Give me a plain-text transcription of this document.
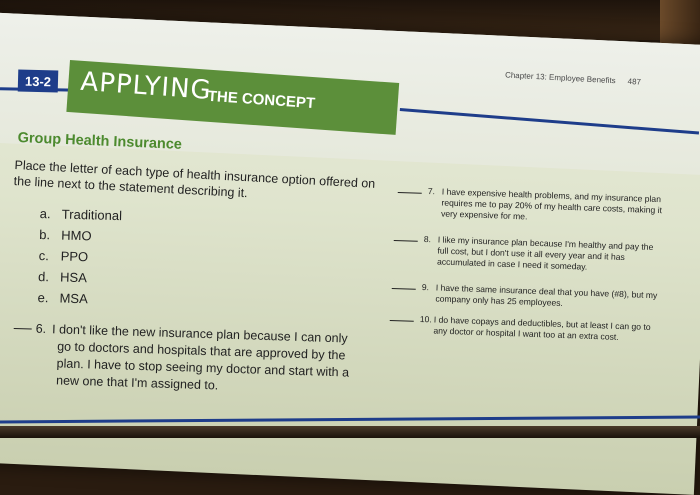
Chapter 13: Employee Benefits 487
13-2 APPLYING
THE CONCEPT
Group Health Insurance
Place the letter of each type of health insurance option offered on the line next to the statement describing it.
a. Traditional
b. HMO
c. PPO
d. HSA
e. MSA
6. I don't like the new insurance plan because I can only
go to doctors and hospitals that are approved by the plan. I have to stop seeing my doctor and start with a new one that I'm assigned to.
7. I have expensive health problems, and my insurance plan requires me to pay 20% of my health care costs, making it very expensive for me.
8. I like my insurance plan because I'm healthy and pay the full cost, but I don't use it all every year and it has accumulated in case I need it someday.
9. I have the same insurance deal that you have (#8), but my company only has 25 employees.
10. I do have copays and deductibles, but at least I can go to any doctor or hospital I want too at an extra cost.
